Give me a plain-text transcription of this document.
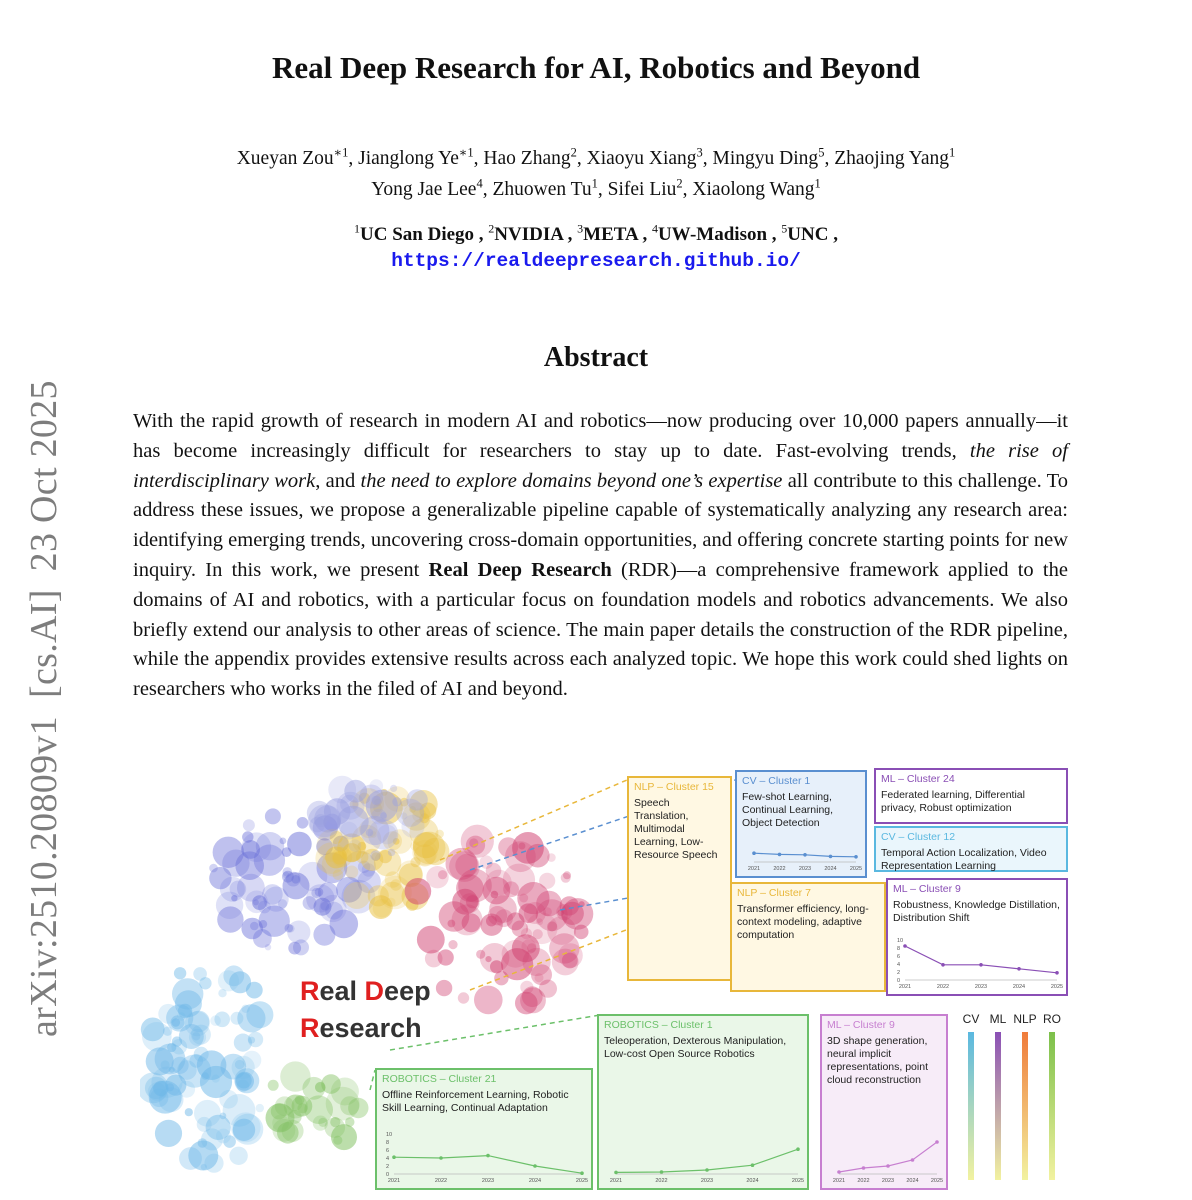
Real Deep Research for AI, Robotics and Beyond
Xueyan Zou$^{∗1}$, Jianglong $Ye^{∗1}$, Hao Zhang$^2$, Xiaoyu Xiang$^3$, Mingyu Ding$^5$, Zhaojing Yang$^1$
Yong Jae Lee$^4$, Zhuowen Tu$^1$, Sifei Liu$^2$, Xiaolong Wang$^1$
$^1$UC San Diego , $^2$NVIDIA , $^3$META , $^4$UW-Madison , $^5$UNC ,
https://realdeepresearch.github.io/
Abstract
With the rapid growth of research in modern AI and robotics—now producing over 10,000 papers annually—it has become increasingly difficult for researchers to stay up to date. Fast-evolving trends, the rise of interdisciplinary work, and the need to explore domains beyond one’s expertise all contribute to this challenge. To address these issues, we propose a generalizable pipeline capable of systematically analyzing any research area: identifying emerging trends, uncovering cross-domain opportunities, and offering concrete starting points for new inquiry. In this work, we present Real Deep Research (RDR)—a comprehensive framework applied to the domains of AI and robotics, with a particular focus on foundation models and robotics advancements. We also briefly extend our analysis to other areas of science. The main paper details the construction of the RDR pipeline, while the appendix provides extensive results across each analyzed topic. We hope this work could shed lights on researchers who works in the filed of AI and beyond.
arXiv:2510.20809v1[cs.AI]23 Oct 2025
Real Deep
Research
NLP – Cluster 15
Speech Translation, Multimodal Learning, Low-Resource Speech
CV – Cluster 1
Few-shot Learning, Continual Learning, Object Detection
2021 2022 2023 2024 2025
ML – Cluster 24
Federated learning, Differential privacy, Robust optimization
CV – Cluster 12
Temporal Action Localization, Video Representation Learning
NLP – Cluster 7
Transformer efficiency, long-context modeling, adaptive computation
ML – Cluster 9
Robustness, Knowledge Distillation, Distribution Shift
2021	2022	2023	2024	2025
10
8
6
4
2
0
ROBOTICS – Cluster 1
Teleoperation, Dexterous Manipulation, Low-cost Open Source Robotics
2021	2022	2023	2024	2025
ML – Cluster 9
3D shape generation, neural implicit representations, point cloud reconstruction
2021 2022 2023 2024 2025
ROBOTICS – Cluster 21
Offline Reinforcement Learning, Robotic Skill Learning, Continual Adaptation
2021	2022	2023	2024	2025
10
8
6
4
2
0
CV ML NLP RO
